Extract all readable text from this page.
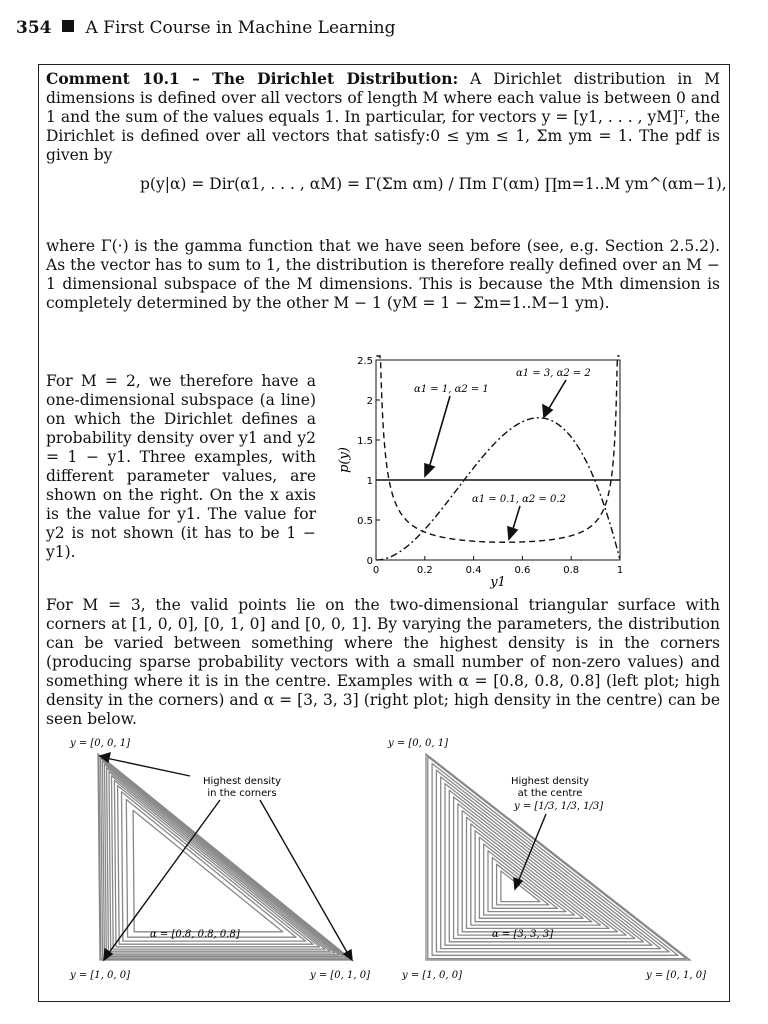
354 A First Course in Machine Learning
Comment 10.1 – The Dirichlet Distribution: A Dirichlet distribution in M dimensions is defined over all vectors of length M where each value is between 0 and 1 and the sum of the values equals 1. In particular, for vectors y = [y1, . . . , yM]ᵀ, the Dirichlet is defined over all vectors that satisfy:0 ≤ ym ≤ 1, Σm ym = 1. The pdf is given by
p(y|α) = Dir(α1, . . . , αM) = Γ(Σm αm) / Πm Γ(αm) ∏m=1..M ym^(αm−1),
where Γ(·) is the gamma function that we have seen before (see, e.g. Section 2.5.2). As the vector has to sum to 1, the distribution is therefore really defined over an M − 1 dimensional subspace of the M dimensions. This is because the Mth dimension is completely determined by the other M − 1 (yM = 1 − Σm=1..M−1 ym).
For M = 2, we therefore have a one-dimensional subspace (a line) on which the Dirichlet defines a probability density over y1 and y2 = 1 − y1. Three examples, with different parameter values, are shown on the right. On the x axis is the value for y1. The value for y2 is not shown (it has to be 1 − y1).
0	0.2	0.4	0.6	0.8	1
0
0.5
1
1.5
2
2.5
y1
p(y)
α1 = 1, α2 = 1
α1 = 3, α2 = 2
α1 = 0.1, α2 = 0.2
For M = 3, the valid points lie on the two-dimensional triangular surface with corners at [1, 0, 0], [0, 1, 0] and [0, 0, 1]. By varying the parameters, the distribution can be varied between something where the highest density is in the corners (producing sparse probability vectors with a small number of non-zero values) and something where it is in the centre. Examples with α = [0.8, 0.8, 0.8] (left plot; high density in the corners) and α = [3, 3, 3] (right plot; high density in the centre) can be seen below.
y = [0, 0, 1]
y = [1, 0, 0]	y = [0, 1, 0]
Highest density
in the corners
α = [0.8, 0.8, 0.8]
y = [0, 0, 1]
y = [1, 0, 0]	y = [0, 1, 0]
Highest density
at the centre
y = [1/3, 1/3, 1/3]
α = [3, 3, 3]
